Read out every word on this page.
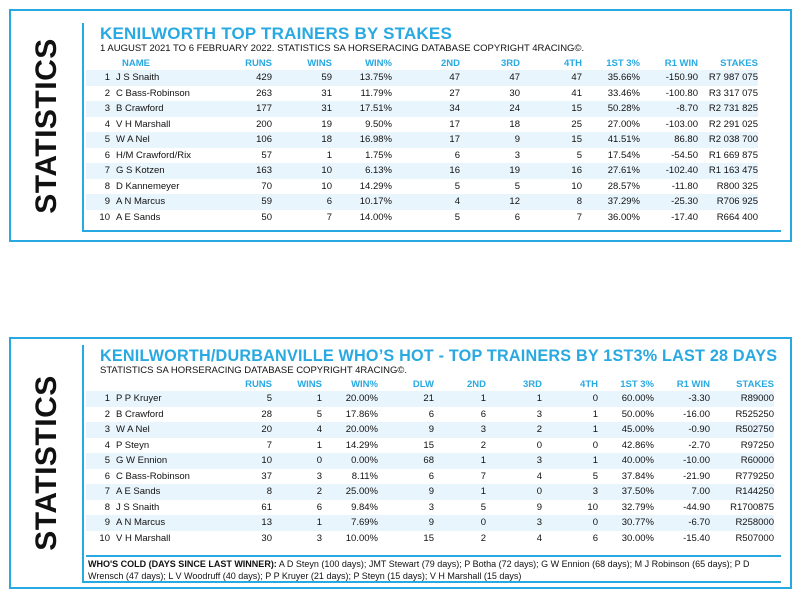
STATISTICS
KENILWORTH TOP TRAINERS BY STAKES
1 AUGUST 2021 TO 6 FEBRUARY 2022. STATISTICS SA HORSERACING DATABASE COPYRIGHT 4RACING©.
	NAME	RUNS	WINS	WIN%	2ND	3RD	4TH	1ST 3%	R1 WIN	STAKES
1	J S Snaith	429	59	13.75%	47	47	47	35.66%	-150.90	R7 987 075
2	C Bass-Robinson	263	31	11.79%	27	30	41	33.46%	-100.80	R3 317 075
3	B Crawford	177	31	17.51%	34	24	15	50.28%	-8.70	R2 731 825
4	V H Marshall	200	19	9.50%	17	18	25	27.00%	-103.00	R2 291 025
5	W A Nel	106	18	16.98%	17	9	15	41.51%	86.80	R2 038 700
6	H/M Crawford/Rix	57	1	1.75%	6	3	5	17.54%	-54.50	R1 669 875
7	G S Kotzen	163	10	6.13%	16	19	16	27.61%	-102.40	R1 163 475
8	D Kannemeyer	70	10	14.29%	5	5	10	28.57%	-11.80	R800 325
9	A N Marcus	59	6	10.17%	4	12	8	37.29%	-25.30	R706 925
10	A E Sands	50	7	14.00%	5	6	7	36.00%	-17.40	R664 400
STATISTICS
KENILWORTH/DURBANVILLE WHO’S HOT - TOP TRAINERS BY 1ST3% LAST 28 DAYS
STATISTICS SA HORSERACING DATABASE COPYRIGHT 4RACING©.
		RUNS	WINS	WIN%	DLW	2ND	3RD	4TH	1ST 3%	R1 WIN	STAKES
1	P P Kruyer	5	1	20.00%	21	1	1	0	60.00%	-3.30	R89000
2	B Crawford	28	5	17.86%	6	6	3	1	50.00%	-16.00	R525250
3	W A Nel	20	4	20.00%	9	3	2	1	45.00%	-0.90	R502750
4	P Steyn	7	1	14.29%	15	2	0	0	42.86%	-2.70	R97250
5	G W Ennion	10	0	0.00%	68	1	3	1	40.00%	-10.00	R60000
6	C Bass-Robinson	37	3	8.11%	6	7	4	5	37.84%	-21.90	R779250
7	A E Sands	8	2	25.00%	9	1	0	3	37.50%	7.00	R144250
8	J S Snaith	61	6	9.84%	3	5	9	10	32.79%	-44.90	R1700875
9	A N Marcus	13	1	7.69%	9	0	3	0	30.77%	-6.70	R258000
10	V H Marshall	30	3	10.00%	15	2	4	6	30.00%	-15.40	R507000
WHO'S COLD (DAYS SINCE LAST WINNER): A D Steyn (100 days); JMT Stewart (79 days); P Botha (72 days); G W Ennion (68 days); M J Robinson (65 days); P D Wrensch (47 days); L V Woodruff (40 days); P P Kruyer (21 days); P Steyn (15 days); V H Marshall (15 days)
